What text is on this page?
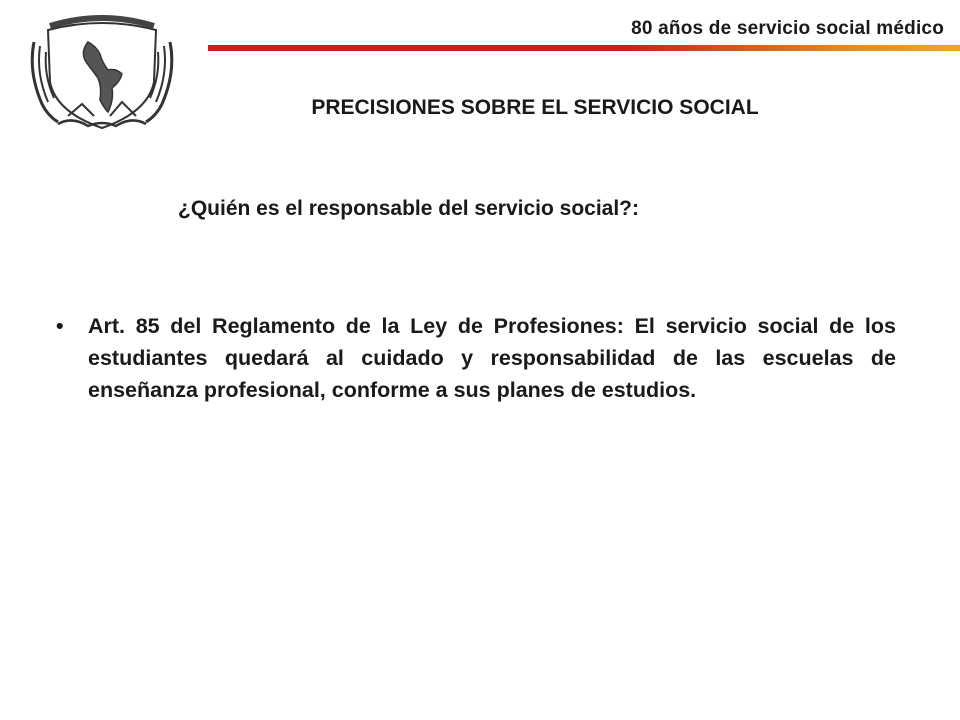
80 años de servicio social médico
PRECISIONES SOBRE EL SERVICIO SOCIAL
¿Quién es el responsable del servicio social?:
• Art. 85 del Reglamento de la Ley de Profesiones: El servicio social de los estudiantes quedará al cuidado y responsabilidad de las escuelas de enseñanza profesional, conforme a sus planes de estudios.
